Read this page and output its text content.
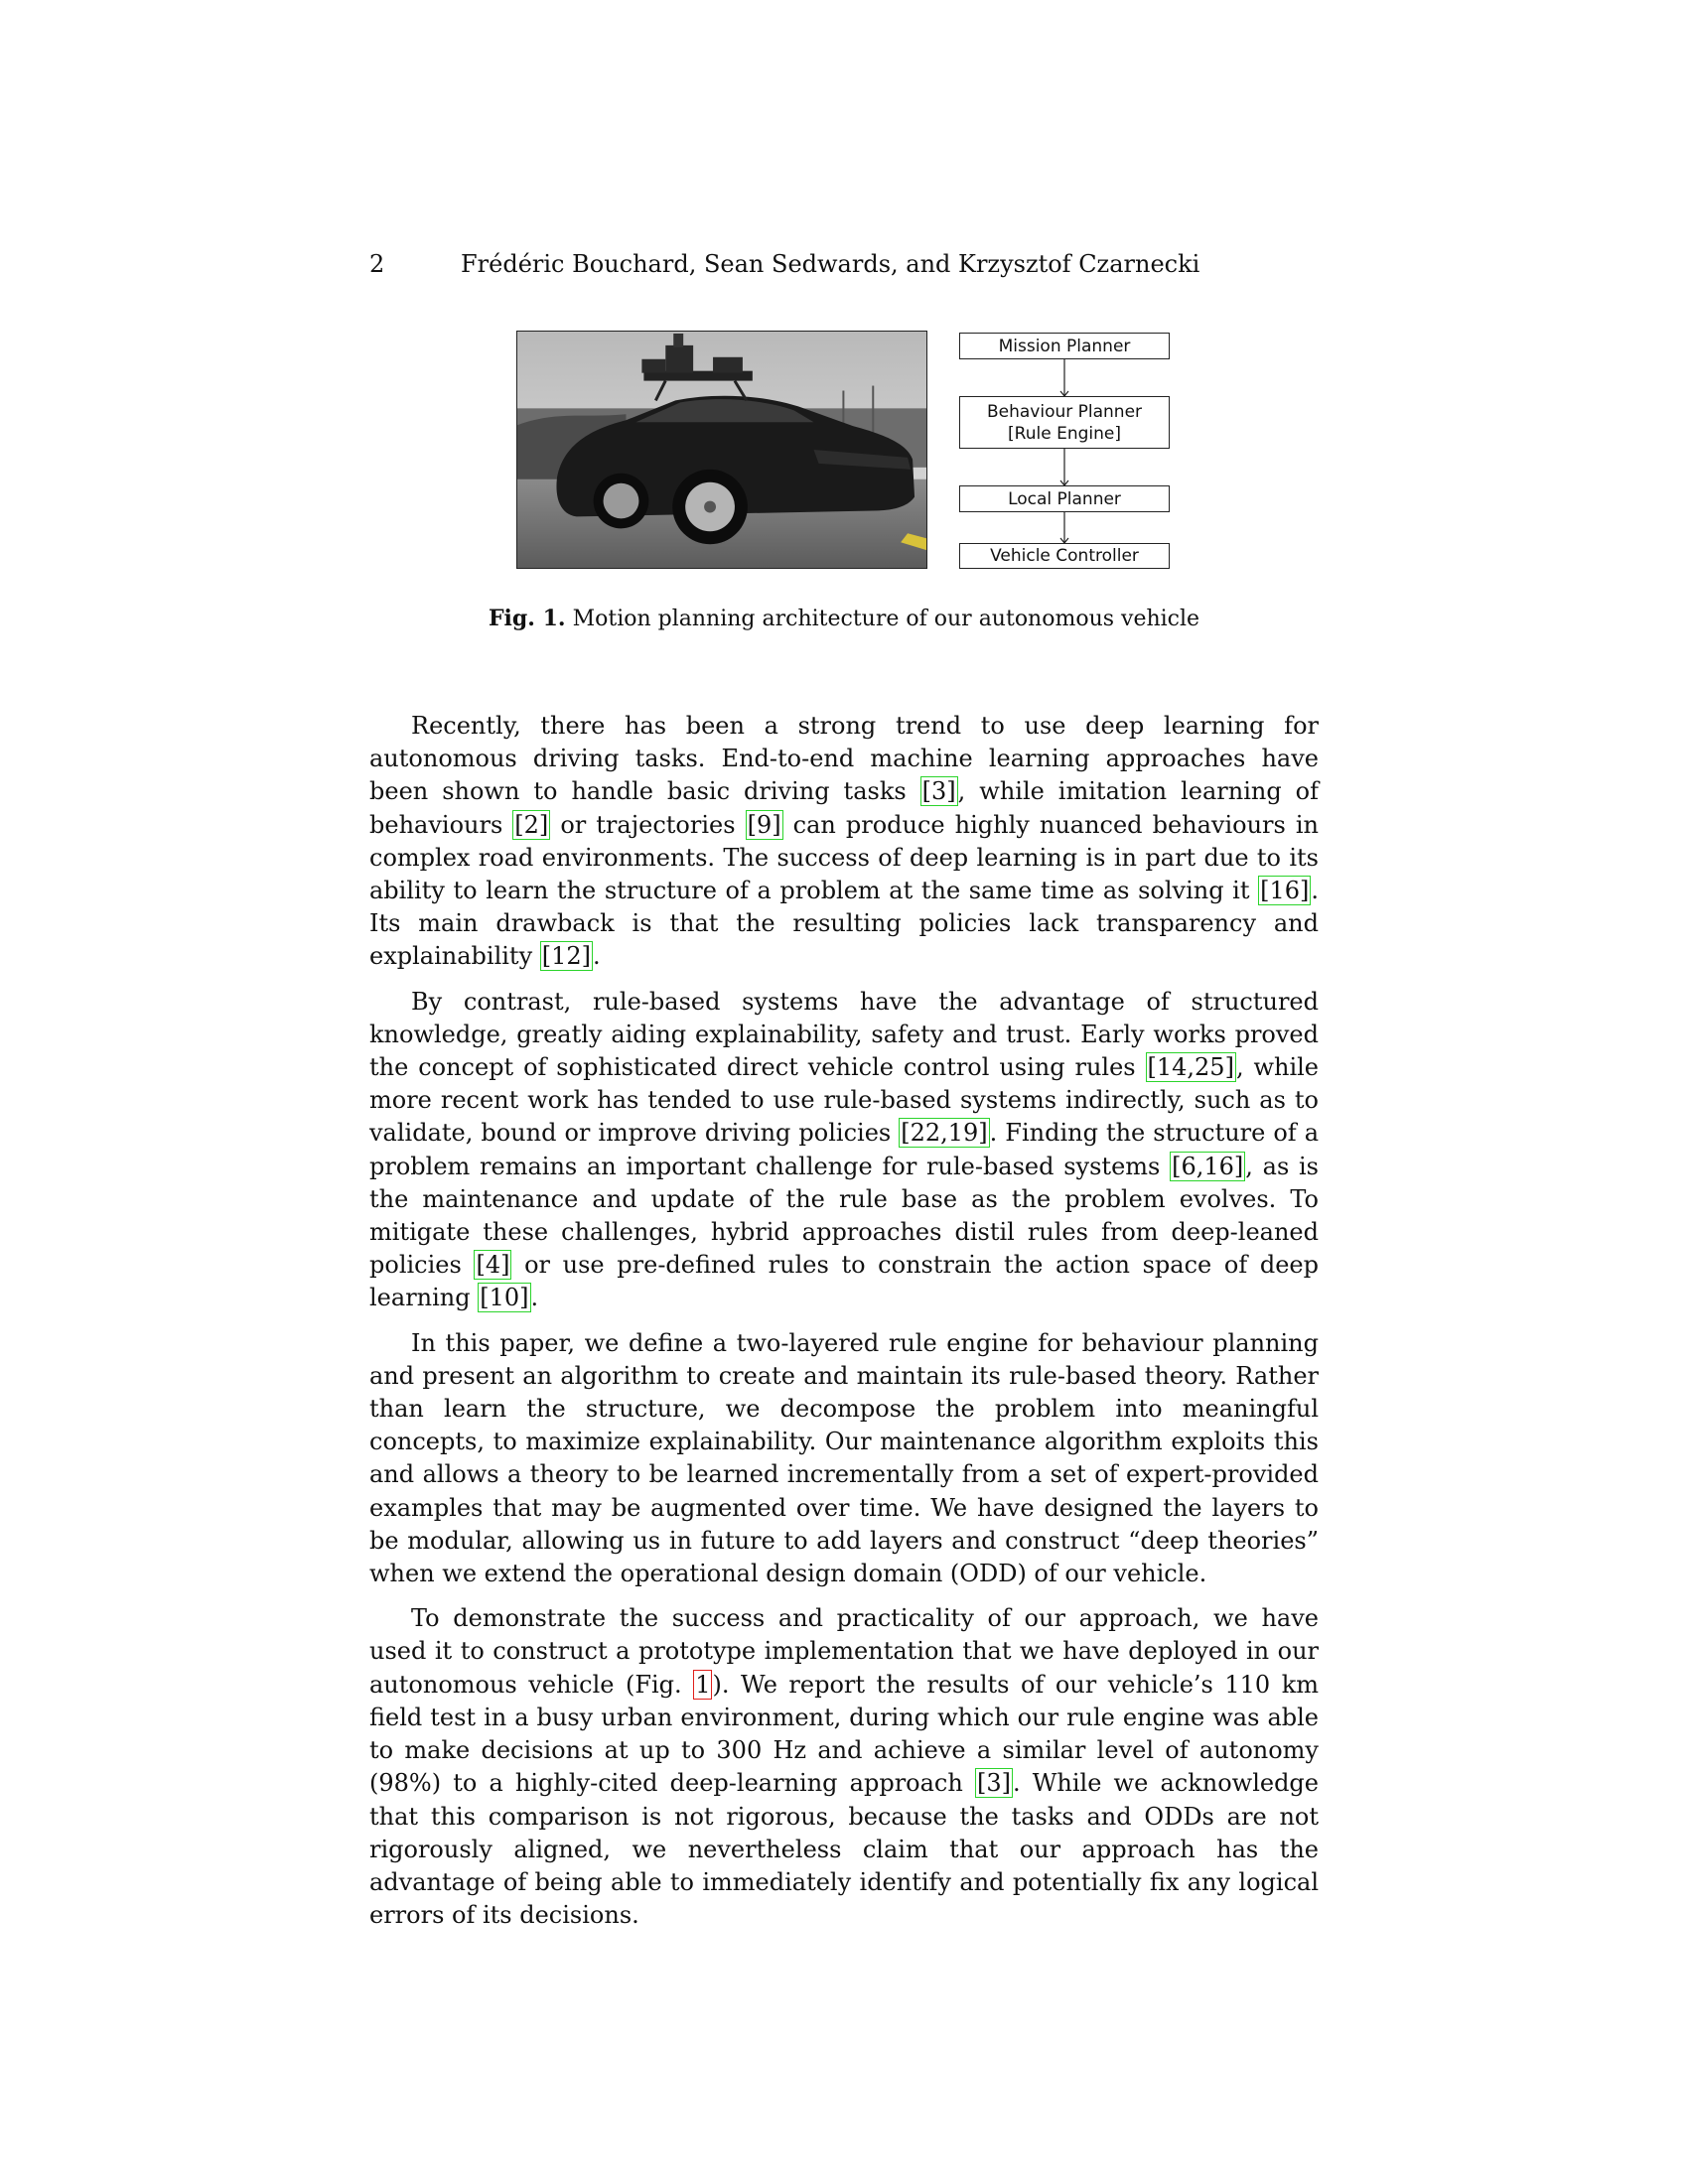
2	Frédéric Bouchard, Sean Sedwards, and Krzysztof Czarnecki
Mission Planner
Behaviour Planner
[Rule Engine]
Local Planner
Vehicle Controller
Fig. 1. Motion planning architecture of our autonomous vehicle

Recently, there has been a strong trend to use deep learning for autonomous driving tasks. End-to-end machine learning approaches have been shown to handle basic driving tasks [3], while imitation learning of behaviours [2] or trajectories [9] can produce highly nuanced behaviours in complex road environments. The success of deep learning is in part due to its ability to learn the structure of a problem at the same time as solving it [16]. Its main drawback is that the resulting policies lack transparency and explainability [12].

By contrast, rule-based systems have the advantage of structured knowledge, greatly aiding explainability, safety and trust. Early works proved the concept of sophisticated direct vehicle control using rules [14,25], while more recent work has tended to use rule-based systems indirectly, such as to validate, bound or improve driving policies [22,19]. Finding the structure of a problem remains an important challenge for rule-based systems [6,16], as is the maintenance and update of the rule base as the problem evolves. To mitigate these challenges, hybrid approaches distil rules from deep-leaned policies [4] or use pre-defined rules to constrain the action space of deep learning [10].

In this paper, we define a two-layered rule engine for behaviour planning and present an algorithm to create and maintain its rule-based theory. Rather than learn the structure, we decompose the problem into meaningful concepts, to maximize explainability. Our maintenance algorithm exploits this and allows a theory to be learned incrementally from a set of expert-provided examples that may be augmented over time. We have designed the layers to be modular, allowing us in future to add layers and construct “deep theories” when we extend the operational design domain (ODD) of our vehicle.

To demonstrate the success and practicality of our approach, we have used it to construct a prototype implementation that we have deployed in our autonomous vehicle (Fig. 1). We report the results of our vehicle’s 110 km field test in a busy urban environment, during which our rule engine was able to make decisions at up to 300 Hz and achieve a similar level of autonomy (98%) to a highly-cited deep-learning approach [3]. While we acknowledge that this comparison is not rigorous, because the tasks and ODDs are not rigorously aligned, we nevertheless claim that our approach has the advantage of being able to immediately identify and potentially fix any logical errors of its decisions.
